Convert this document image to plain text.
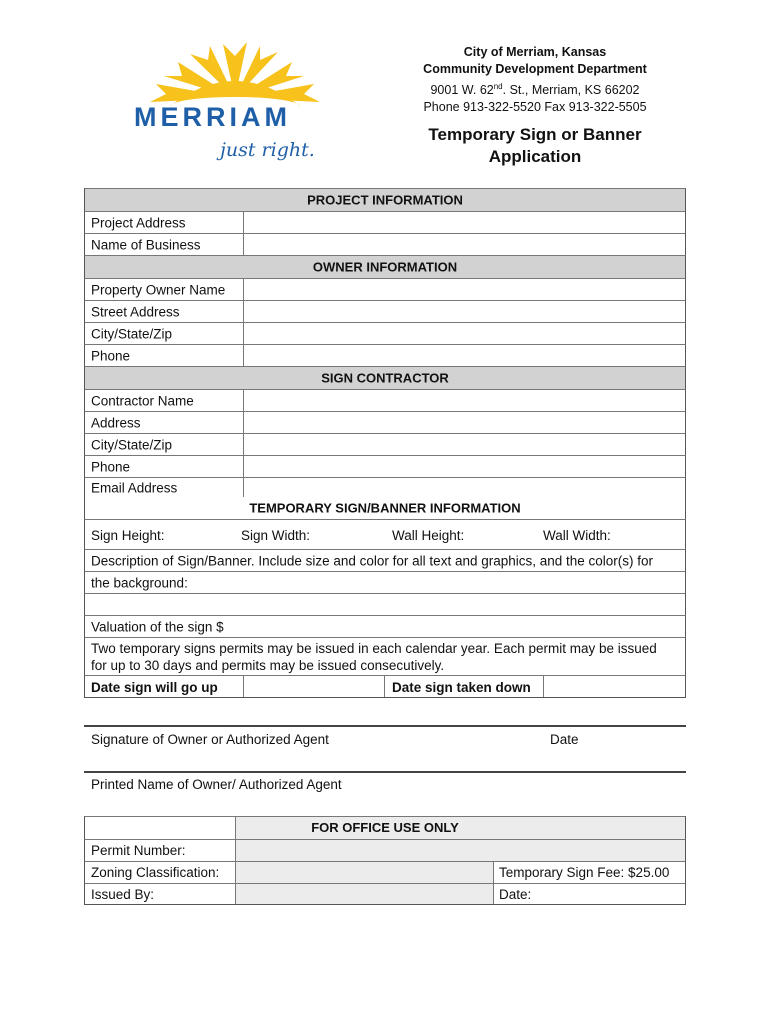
MERRIAM
just right.
City of Merriam, Kansas
Community Development Department
9001 W. 62nd. St., Merriam, KS 66202
Phone 913-322-5520 Fax 913-322-5505
Temporary Sign or Banner
Application
PROJECT INFORMATION
Project Address
Name of Business
OWNER INFORMATION
Property Owner Name
Street Address
City/State/Zip
Phone
SIGN CONTRACTOR
Contractor Name
Address
City/State/Zip
Phone
Email Address
TEMPORARY SIGN/BANNER INFORMATION
Sign Height:	Sign Width:	Wall Height:	Wall Width:
Description of Sign/Banner. Include size and color for all text and graphics, and the color(s) for
the background:
Valuation of the sign $
Two temporary signs permits may be issued in each calendar year. Each permit may be issued
for up to 30 days and permits may be issued consecutively.
Date sign will go up	Date sign taken down
Signature of Owner or Authorized Agent	Date
Printed Name of Owner/ Authorized Agent
FOR OFFICE USE ONLY
Permit Number:
Zoning Classification:	Temporary Sign Fee: $25.00
Issued By:	Date:
